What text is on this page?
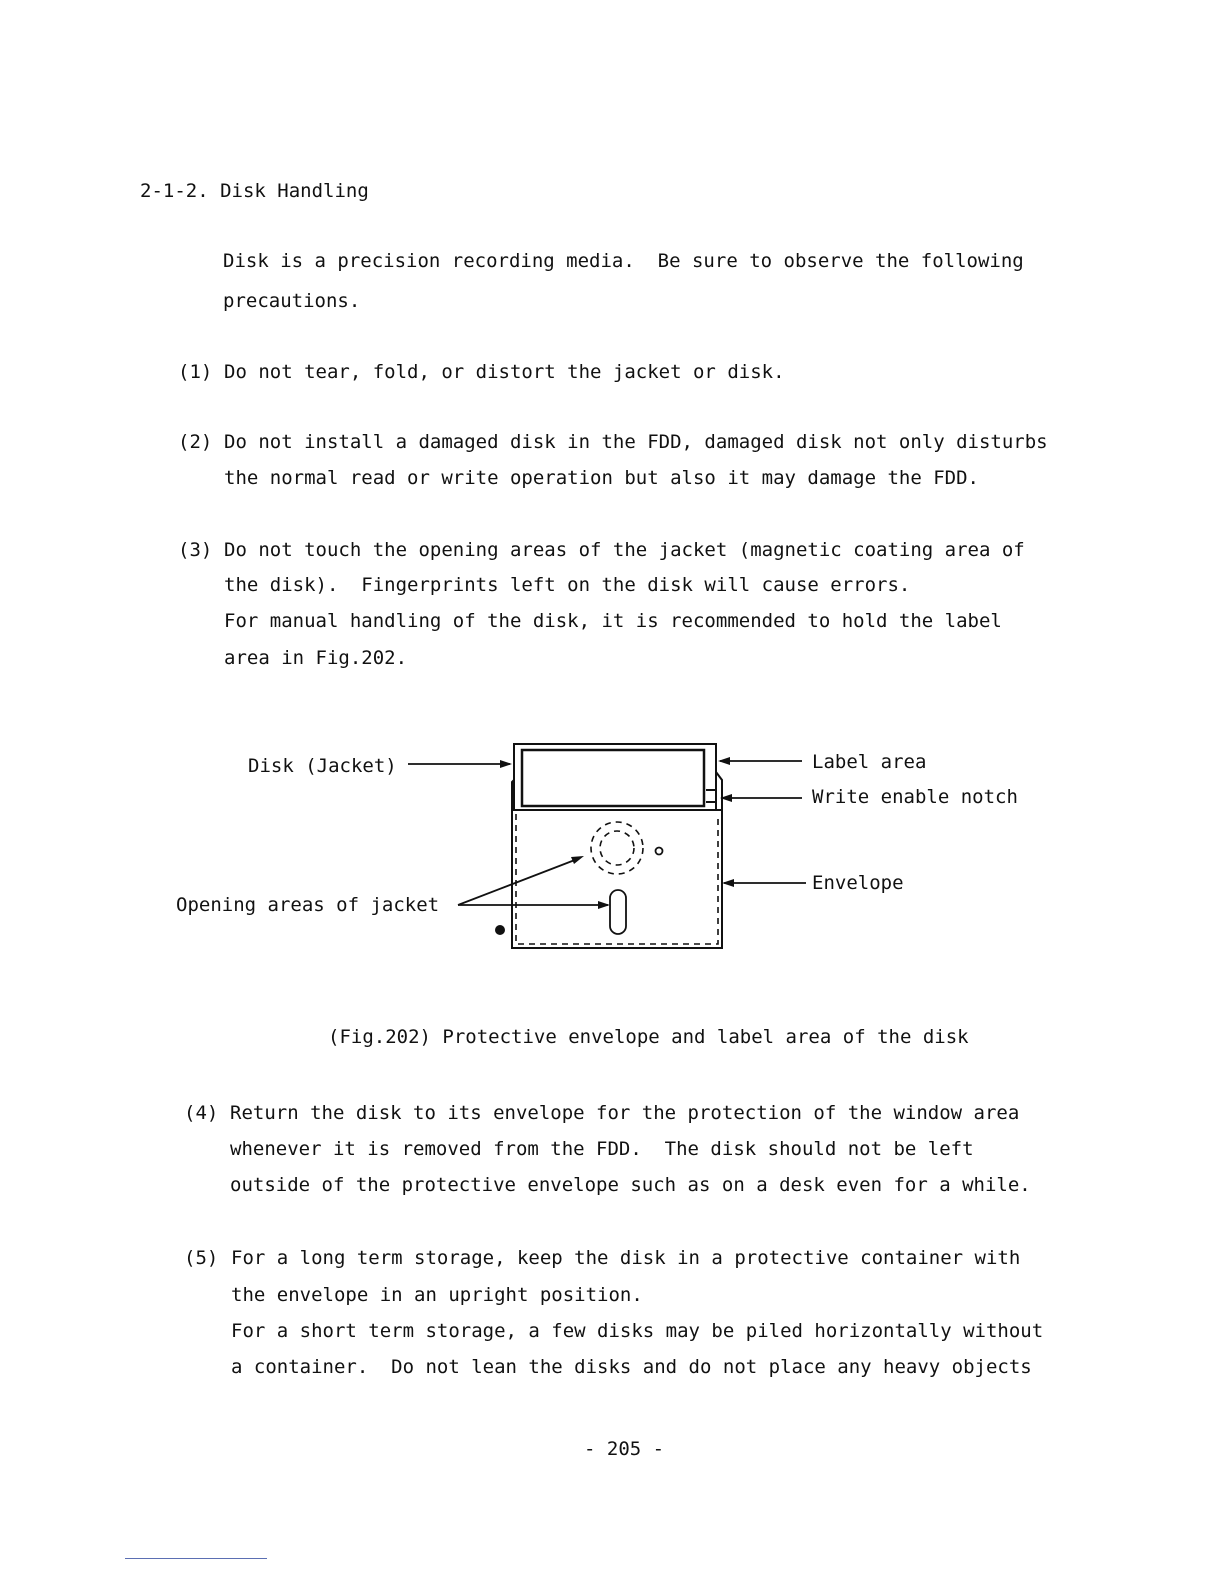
2-1-2. Disk Handling
Disk is a precision recording media.  Be sure to observe the following
precautions.
(1) Do not tear, fold, or distort the jacket or disk.
(2) Do not install a damaged disk in the FDD, damaged disk not only disturbs
the normal read or write operation but also it may damage the FDD.
(3) Do not touch the opening areas of the jacket (magnetic coating area of
the disk).  Fingerprints left on the disk will cause errors.
For manual handling of the disk, it is recommended to hold the label
area in Fig.202.
Disk (Jacket)	Label area
Write enable notch
Envelope
Opening areas of jacket
(Fig.202) Protective envelope and label area of the disk
(4) Return the disk to its envelope for the protection of the window area
whenever it is removed from the FDD.  The disk should not be left
outside of the protective envelope such as on a desk even for a while.
(5) For a long term storage, keep the disk in a protective container with
the envelope in an upright position.
For a short term storage, a few disks may be piled horizontally without
a container.  Do not lean the disks and do not place any heavy objects
- 205 -
